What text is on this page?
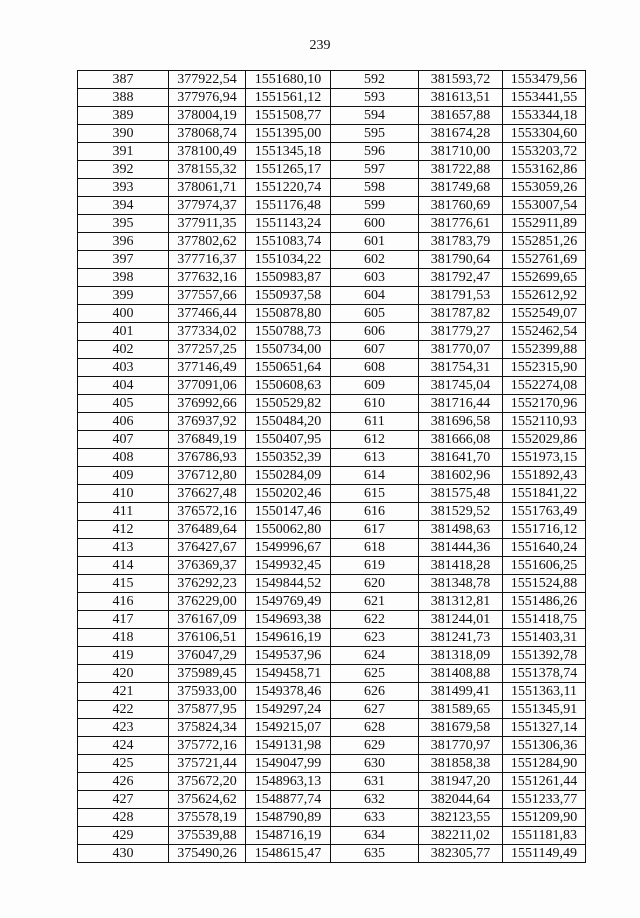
239
387	377922,54	1551680,10	592	381593,72	1553479,56
388	377976,94	1551561,12	593	381613,51	1553441,55
389	378004,19	1551508,77	594	381657,88	1553344,18
390	378068,74	1551395,00	595	381674,28	1553304,60
391	378100,49	1551345,18	596	381710,00	1553203,72
392	378155,32	1551265,17	597	381722,88	1553162,86
393	378061,71	1551220,74	598	381749,68	1553059,26
394	377974,37	1551176,48	599	381760,69	1553007,54
395	377911,35	1551143,24	600	381776,61	1552911,89
396	377802,62	1551083,74	601	381783,79	1552851,26
397	377716,37	1551034,22	602	381790,64	1552761,69
398	377632,16	1550983,87	603	381792,47	1552699,65
399	377557,66	1550937,58	604	381791,53	1552612,92
400	377466,44	1550878,80	605	381787,82	1552549,07
401	377334,02	1550788,73	606	381779,27	1552462,54
402	377257,25	1550734,00	607	381770,07	1552399,88
403	377146,49	1550651,64	608	381754,31	1552315,90
404	377091,06	1550608,63	609	381745,04	1552274,08
405	376992,66	1550529,82	610	381716,44	1552170,96
406	376937,92	1550484,20	611	381696,58	1552110,93
407	376849,19	1550407,95	612	381666,08	1552029,86
408	376786,93	1550352,39	613	381641,70	1551973,15
409	376712,80	1550284,09	614	381602,96	1551892,43
410	376627,48	1550202,46	615	381575,48	1551841,22
411	376572,16	1550147,46	616	381529,52	1551763,49
412	376489,64	1550062,80	617	381498,63	1551716,12
413	376427,67	1549996,67	618	381444,36	1551640,24
414	376369,37	1549932,45	619	381418,28	1551606,25
415	376292,23	1549844,52	620	381348,78	1551524,88
416	376229,00	1549769,49	621	381312,81	1551486,26
417	376167,09	1549693,38	622	381244,01	1551418,75
418	376106,51	1549616,19	623	381241,73	1551403,31
419	376047,29	1549537,96	624	381318,09	1551392,78
420	375989,45	1549458,71	625	381408,88	1551378,74
421	375933,00	1549378,46	626	381499,41	1551363,11
422	375877,95	1549297,24	627	381589,65	1551345,91
423	375824,34	1549215,07	628	381679,58	1551327,14
424	375772,16	1549131,98	629	381770,97	1551306,36
425	375721,44	1549047,99	630	381858,38	1551284,90
426	375672,20	1548963,13	631	381947,20	1551261,44
427	375624,62	1548877,74	632	382044,64	1551233,77
428	375578,19	1548790,89	633	382123,55	1551209,90
429	375539,88	1548716,19	634	382211,02	1551181,83
430	375490,26	1548615,47	635	382305,77	1551149,49
